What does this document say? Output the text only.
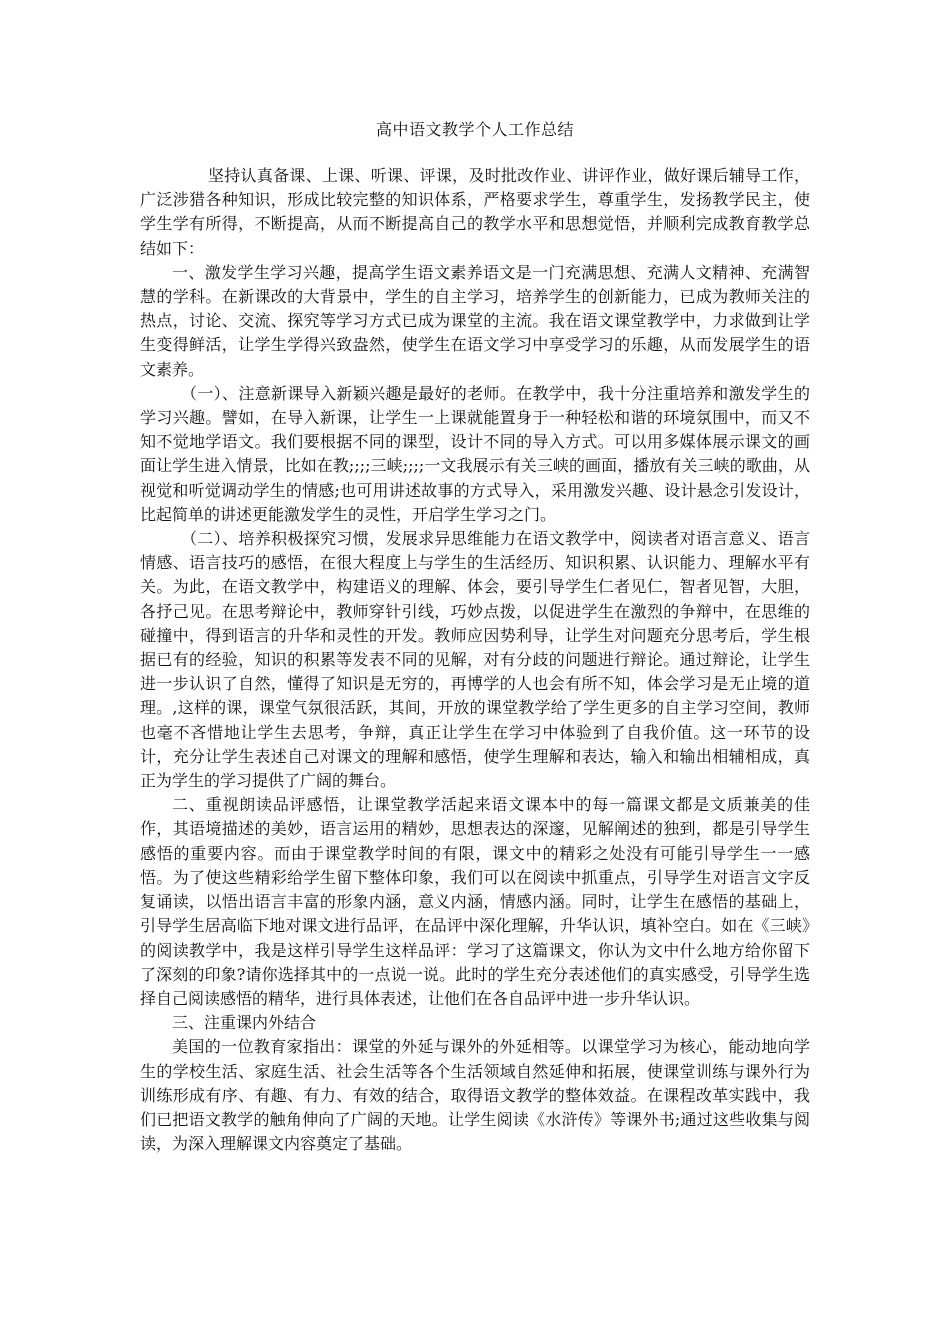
高中语文教学个人工作总结

坚持认真备课、上课、听课、评课，及时批改作业、讲评作业，做好课后辅导工作，广泛涉猎各种知识，形成比较完整的知识体系，严格要求学生，尊重学生，发扬教学民主，使学生学有所得，不断提高，从而不断提高自己的教学水平和思想觉悟，并顺利完成教育教学总结如下：

一、激发学生学习兴趣，提高学生语文素养语文是一门充满思想、充满人文精神、充满智慧的学科。在新课改的大背景中，学生的自主学习，培养学生的创新能力，已成为教师关注的热点，讨论、交流、探究等学习方式已成为课堂的主流。我在语文课堂教学中，力求做到让学生变得鲜活，让学生学得兴致盎然，使学生在语文学习中享受学习的乐趣，从而发展学生的语文素养。

（一）、注意新课导入新颖兴趣是最好的老师。在教学中，我十分注重培养和激发学生的学习兴趣。譬如，在导入新课，让学生一上课就能置身于一种轻松和谐的环境氛围中，而又不知不觉地学语文。我们要根据不同的课型，设计不同的导入方式。可以用多媒体展示课文的画面让学生进入情景，比如在教;;;;三峡;;;;一文我展示有关三峡的画面，播放有关三峡的歌曲，从视觉和听觉调动学生的情感;也可用讲述故事的方式导入，采用激发兴趣、设计悬念引发设计，比起简单的讲述更能激发学生的灵性，开启学生学习之门。

（二）、培养积极探究习惯，发展求异思维能力在语文教学中，阅读者对语言意义、语言情感、语言技巧的感悟，在很大程度上与学生的生活经历、知识积累、认识能力、理解水平有关。为此，在语文教学中，构建语义的理解、体会，要引导学生仁者见仁，智者见智，大胆，各抒己见。在思考辩论中，教师穿针引线，巧妙点拨，以促进学生在激烈的争辩中，在思维的碰撞中，得到语言的升华和灵性的开发。教师应因势利导，让学生对问题充分思考后，学生根据已有的经验，知识的积累等发表不同的见解，对有分歧的问题进行辩论。通过辩论，让学生进一步认识了自然，懂得了知识是无穷的，再博学的人也会有所不知，体会学习是无止境的道理。,这样的课，课堂气氛很活跃，其间，开放的课堂教学给了学生更多的自主学习空间，教师也毫不吝惜地让学生去思考，争辩，真正让学生在学习中体验到了自我价值。这一环节的设计，充分让学生表述自己对课文的理解和感悟，使学生理解和表达，输入和输出相辅相成，真正为学生的学习提供了广阔的舞台。

二、重视朗读品评感悟，让课堂教学活起来语文课本中的每一篇课文都是文质兼美的佳作，其语境描述的美妙，语言运用的精妙，思想表达的深邃，见解阐述的独到，都是引导学生感悟的重要内容。而由于课堂教学时间的有限，课文中的精彩之处没有可能引导学生一一感悟。为了使这些精彩给学生留下整体印象，我们可以在阅读中抓重点，引导学生对语言文字反复诵读，以悟出语言丰富的形象内涵，意义内涵，情感内涵。同时，让学生在感悟的基础上，引导学生居高临下地对课文进行品评，在品评中深化理解，升华认识，填补空白。如在《三峡》的阅读教学中，我是这样引导学生这样品评：学习了这篇课文，你认为文中什么地方给你留下了深刻的印象?请你选择其中的一点说一说。此时的学生充分表述他们的真实感受，引导学生选择自己阅读感悟的精华，进行具体表述，让他们在各自品评中进一步升华认识。

三、注重课内外结合

美国的一位教育家指出：课堂的外延与课外的外延相等。以课堂学习为核心，能动地向学生的学校生活、家庭生活、社会生活等各个生活领域自然延伸和拓展，使课堂训练与课外行为训练形成有序、有趣、有力、有效的结合，取得语文教学的整体效益。在课程改革实践中，我们已把语文教学的触角伸向了广阔的天地。让学生阅读《水浒传》等课外书;通过这些收集与阅读，为深入理解课文内容奠定了基础。
